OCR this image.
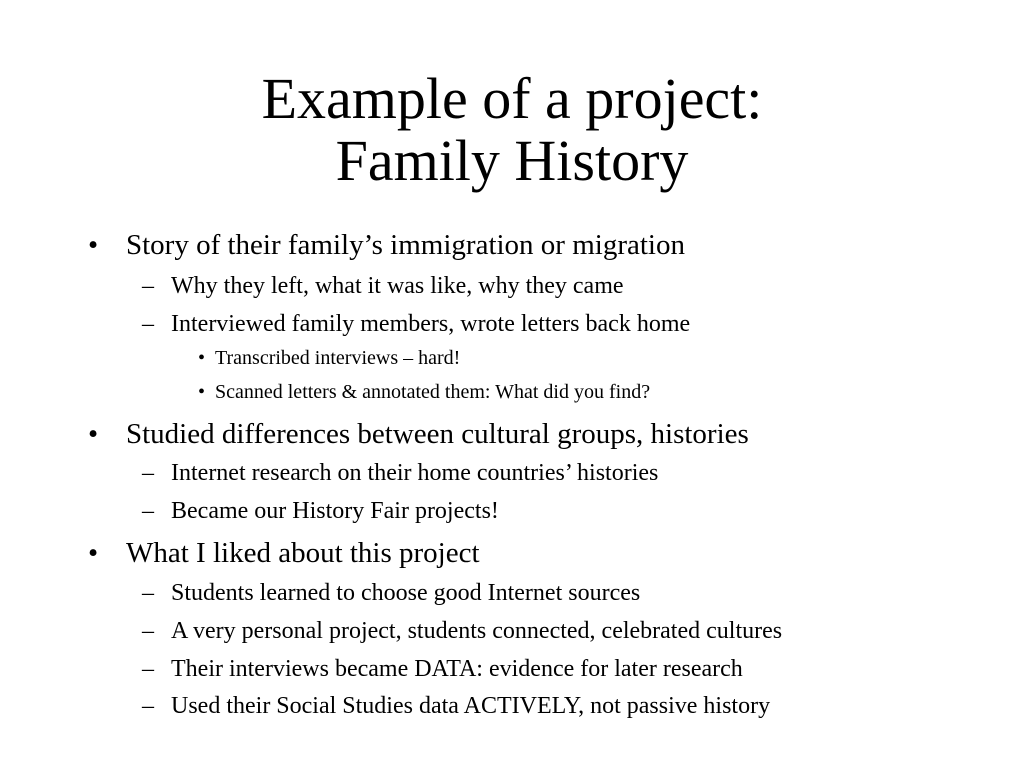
Example of a project:
Family History
• Story of their family’s immigration or migration
– Why they left, what it was like, why they came
– Interviewed family members, wrote letters back home
• Transcribed interviews – hard!
• Scanned letters & annotated them: What did you find?
• Studied differences between cultural groups, histories
– Internet research on their home countries’ histories
– Became our History Fair projects!
• What I liked about this project
– Students learned to choose good Internet sources
– A very personal project, students connected, celebrated cultures
– Their interviews became DATA: evidence for later research
– Used their Social Studies data ACTIVELY, not passive history
